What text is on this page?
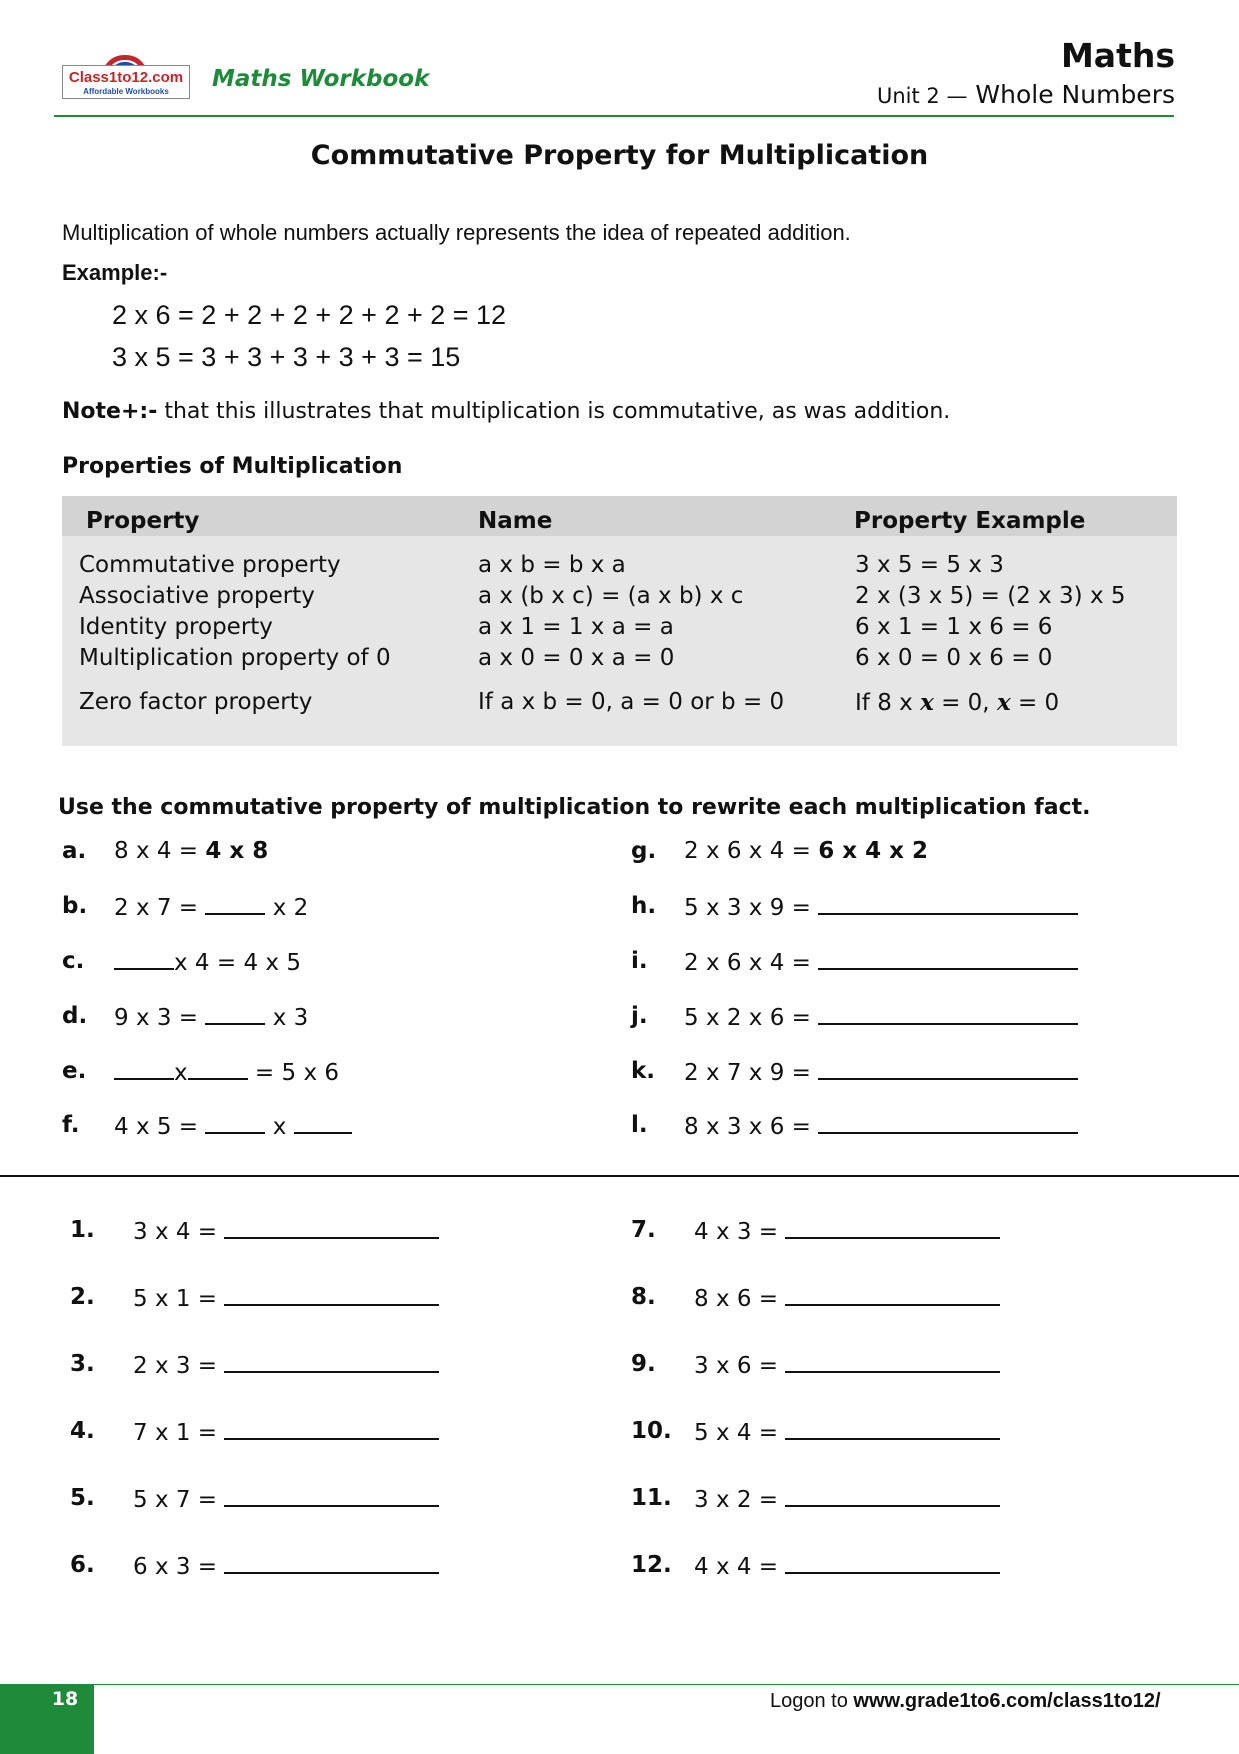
Class1to12.com
Affordable Workbooks	Maths Workbook
Maths
Unit 2 — Whole Numbers
Commutative Property for Multiplication
Multiplication of whole numbers actually represents the idea of repeated addition.
Example:-
2 x 6 = 2 + 2 + 2 + 2 + 2 + 2 = 12
3 x 5 = 3 + 3 + 3 + 3 + 3 = 15
Note+:- that this illustrates that multiplication is commutative, as was addition.
Properties of Multiplication
Property	Name	Property Example
Commutative property	a x b = b x a	3 x 5 = 5 x 3
Associative property	a x (b x c) = (a x b) x c	2 x (3 x 5) = (2 x 3) x 5
Identity property	a x 1 = 1 x a = a	6 x 1 = 1 x 6 = 6
Multiplication property of 0	a x 0 = 0 x a = 0	6 x 0 = 0 x 6 = 0
Zero factor property	If a x b = 0, a = 0 or b = 0	If 8 x x = 0, x = 0
Use the commutative property of multiplication to rewrite each multiplication fact.
a. 8 x 4 = 4 x 8
b. 2 x 7 =	x 2
c.	x 4 = 4 x 5
d. 9 x 3 =	x 3
e.	x	= 5 x 6
f. 4 x 5 =	x
g. 2 x 6 x 4 = 6 x 4 x 2
h. 5 x 3 x 9 =
i. 2 x 6 x 4 =
j. 5 x 2 x 6 =
k. 2 x 7 x 9 =
l. 8 x 3 x 6 =
1. 3 x 4 =
2. 5 x 1 =
3. 2 x 3 =
4. 7 x 1 =
5. 5 x 7 =
6. 6 x 3 =
7. 4 x 3 =
8. 8 x 6 =
9. 3 x 6 =
10. 5 x 4 =
11. 3 x 2 =
12. 4 x 4 =
18	Logon to www.grade1to6.com/class1to12/
